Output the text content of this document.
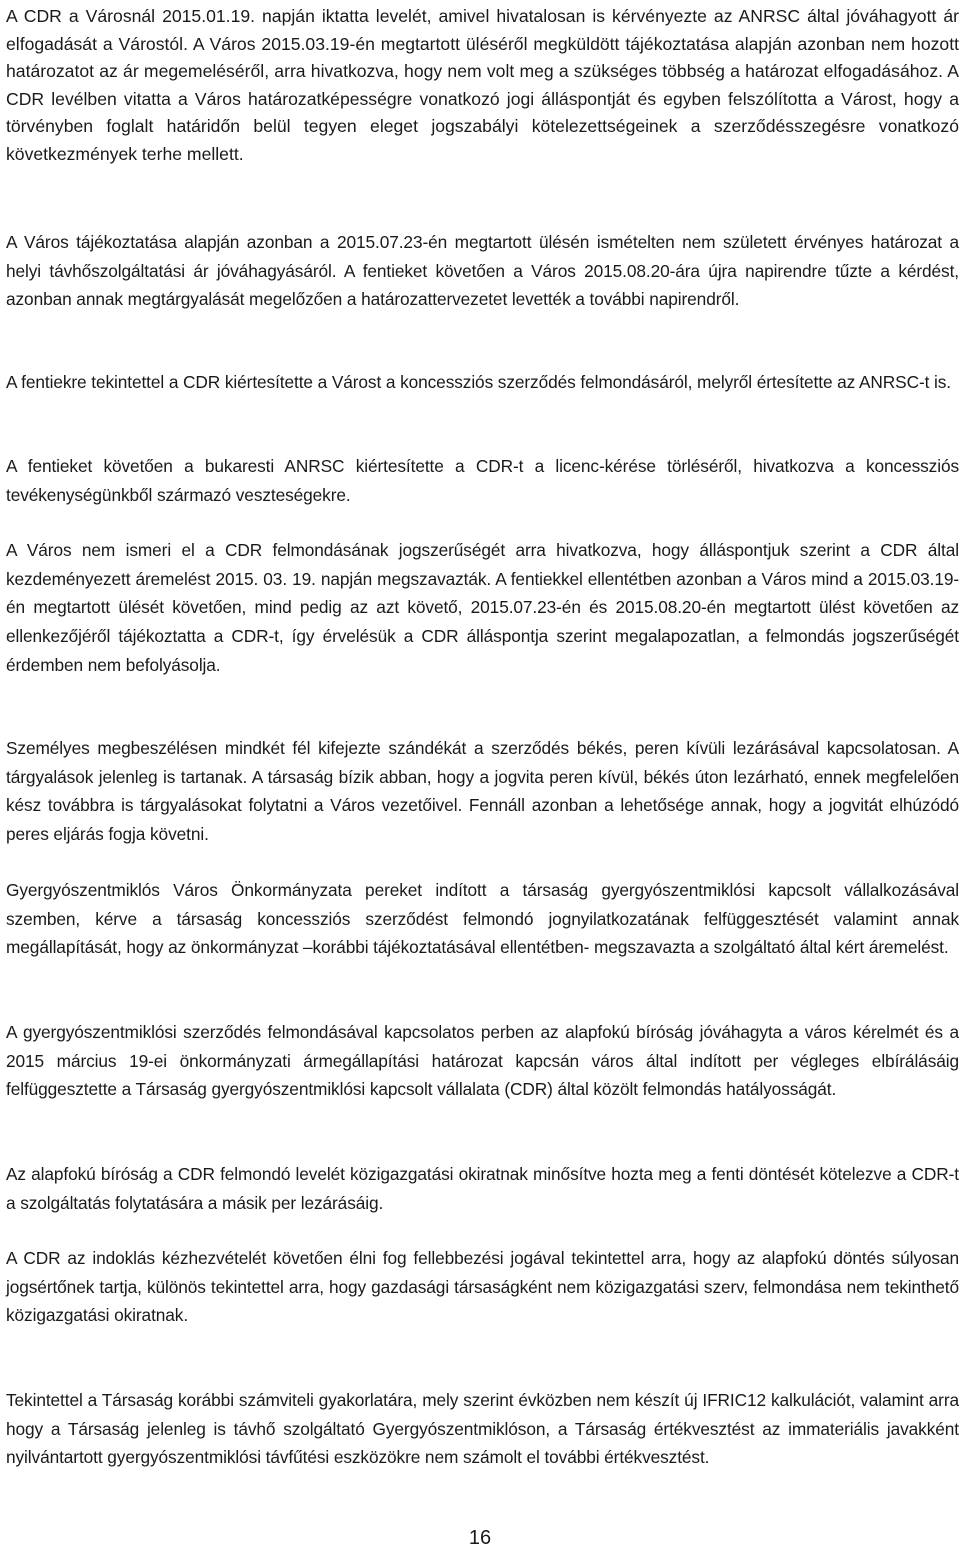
A CDR a Városnál 2015.01.19. napján iktatta levelét, amivel hivatalosan is kérvényezte az ANRSC által jóváhagyott ár elfogadását a Várostól. A Város 2015.03.19-én megtartott üléséről megküldött tájékoztatása alapján azonban nem hozott határozatot az ár megemeléséről, arra hivatkozva, hogy nem volt meg a szükséges többség a határozat elfogadásához. A CDR levélben vitatta a Város határozatképességre vonatkozó jogi álláspontját és egyben felszólította a Várost, hogy a törvényben foglalt határidőn belül tegyen eleget jogszabályi kötelezettségeinek a szerződésszegésre vonatkozó következmények terhe mellett.

A Város tájékoztatása alapján azonban a 2015.07.23-én megtartott ülésén ismételten nem született érvényes határozat a helyi távhőszolgáltatási ár jóváhagyásáról. A fentieket követően a Város 2015.08.20-ára újra napirendre tűzte a kérdést, azonban annak megtárgyalását megelőzően a határozattervezetet levették a további napirendről.

A fentiekre tekintettel a CDR kiértesítette a Várost a koncessziós szerződés felmondásáról, melyről értesítette az ANRSC-t is.

A fentieket követően a bukaresti ANRSC kiértesítette a CDR-t a licenc-kérése törléséről, hivatkozva a koncessziós tevékenységünkből származó veszteségekre.

A Város nem ismeri el a CDR felmondásának jogszerűségét arra hivatkozva, hogy álláspontjuk szerint a CDR által kezdeményezett áremelést 2015. 03. 19. napján megszavazták. A fentiekkel ellentétben azonban a Város mind a 2015.03.19-én megtartott ülését követően, mind pedig az azt követő, 2015.07.23-én és 2015.08.20-én megtartott ülést követően az ellenkezőjéről tájékoztatta a CDR-t, így érvelésük a CDR álláspontja szerint megalapozatlan, a felmondás jogszerűségét érdemben nem befolyásolja.

Személyes megbeszélésen mindkét fél kifejezte szándékát a szerződés békés, peren kívüli lezárásával kapcsolatosan. A tárgyalások jelenleg is tartanak. A társaság bízik abban, hogy a jogvita peren kívül, békés úton lezárható, ennek megfelelően kész továbbra is tárgyalásokat folytatni a Város vezetőivel. Fennáll azonban a lehetősége annak, hogy a jogvitát elhúzódó peres eljárás fogja követni.

Gyergyószentmiklós Város Önkormányzata pereket indított a társaság gyergyószentmiklósi kapcsolt vállalkozásával szemben, kérve a társaság koncessziós szerződést felmondó jognyilatkozatának felfüggesztését valamint annak megállapítását, hogy az önkormányzat –korábbi tájékoztatásával ellentétben- megszavazta a szolgáltató által kért áremelést.

A gyergyószentmiklósi szerződés felmondásával kapcsolatos perben az alapfokú bíróság jóváhagyta a város kérelmét és a 2015 március 19-ei önkormányzati ármegállapítási határozat kapcsán város által indított per végleges elbírálásáig felfüggesztette a Társaság gyergyószentmiklósi kapcsolt vállalata (CDR) által közölt felmondás hatályosságát.

Az alapfokú bíróság a CDR felmondó levelét közigazgatási okiratnak minősítve hozta meg a fenti döntését kötelezve a CDR-t a szolgáltatás folytatására a másik per lezárásáig.

A CDR az indoklás kézhezvételét követően élni fog fellebbezési jogával tekintettel arra, hogy az alapfokú döntés súlyosan jogsértőnek tartja, különös tekintettel arra, hogy gazdasági társaságként nem közigazgatási szerv, felmondása nem tekinthető közigazgatási okiratnak.

Tekintettel a Társaság korábbi számviteli gyakorlatára, mely szerint évközben nem készít új IFRIC12 kalkulációt, valamint arra hogy a Társaság jelenleg is távhő szolgáltató Gyergyószentmiklóson, a Társaság értékvesztést az immateriális javakként nyilvántartott gyergyószentmiklósi távfűtési eszközökre nem számolt el további értékvesztést.

16
